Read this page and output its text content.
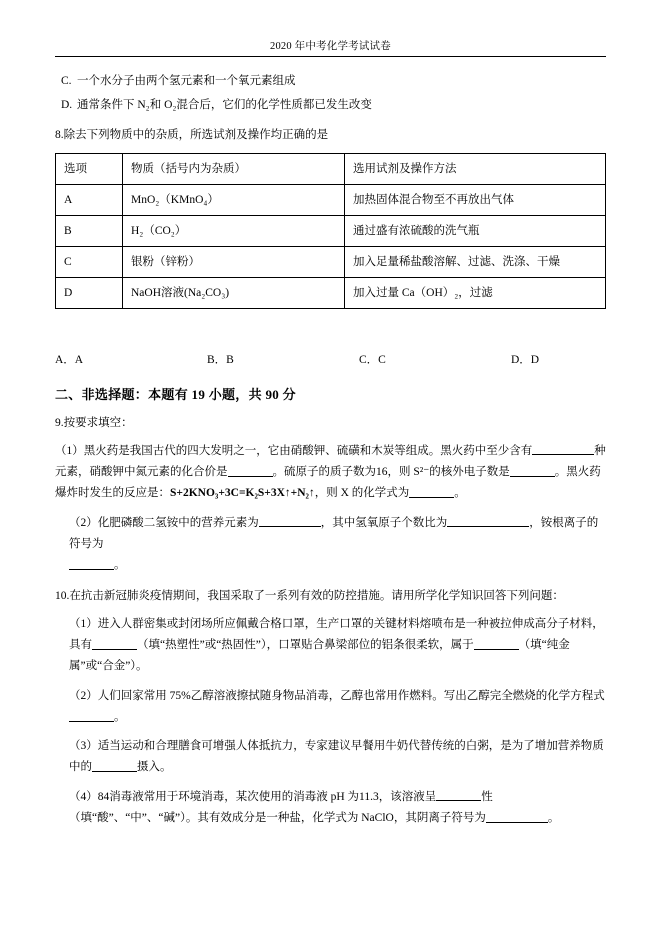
2020 年中考化学考试试卷
C. 一个水分子由两个氢元素和一个氧元素组成
D. 通常条件下 N₂和 O₂混合后，它们的化学性质都已发生改变
8.除去下列物质中的杂质，所选试剂及操作均正确的是
选项	物质（括号内为杂质）	选用试剂及操作方法
A	MnO₂（KMnO₄）	加热固体混合物至不再放出气体
B	H₂（CO₂）	通过盛有浓硫酸的洗气瓶
C	银粉（锌粉）	加入足量稀盐酸溶解、过滤、洗涤、干燥
D	NaOH溶液(Na₂CO₃)	加入过量 Ca（OH）₂，过滤
A．A	B．B	C．C	D．D
二、非选择题：本题有 19 小题，共 90 分
9.按要求填空：
（1）黑火药是我国古代的四大发明之一，它由硝酸钾、硫磺和木炭等组成。黑火药中至少含有	种元素，硝酸钾中氮元素的化合价是	。硫原子的质子数为16，则 S²⁻的核外电子数是	。黑火药爆炸时发生的反应是：S+2KNO₃+3C=K₂S+3X↑+N₂↑，则 X 的化学式为	。
（2）化肥磷酸二氢铵中的营养元素为	，其中氢氧原子个数比为	，铵根离子的符号为
。
10.在抗击新冠肺炎疫情期间，我国采取了一系列有效的防控措施。请用所学化学知识回答下列问题：
（1）进入人群密集或封闭场所应佩戴合格口罩，生产口罩的关键材料熔喷布是一种被拉伸成高分子材料，具有	（填“热塑性”或“热固性”），口罩贴合鼻梁部位的铝条很柔软，属于	（填“纯金属”或“合金”）。
（2）人们回家常用 75%乙醇溶液擦拭随身物品消毒，乙醇也常用作燃料。写出乙醇完全燃烧的化学方程式。
（3）适当运动和合理膳食可增强人体抵抗力，专家建议早餐用牛奶代替传统的白粥，是为了增加营养物质中的	摄入。
（4）84消毒液常用于环境消毒，某次使用的消毒液 pH 为11.3，该溶液呈	性（填“酸”、“中”、“碱”）。其有效成分是一种盐，化学式为 NaClO，其阴离子符号为	。
